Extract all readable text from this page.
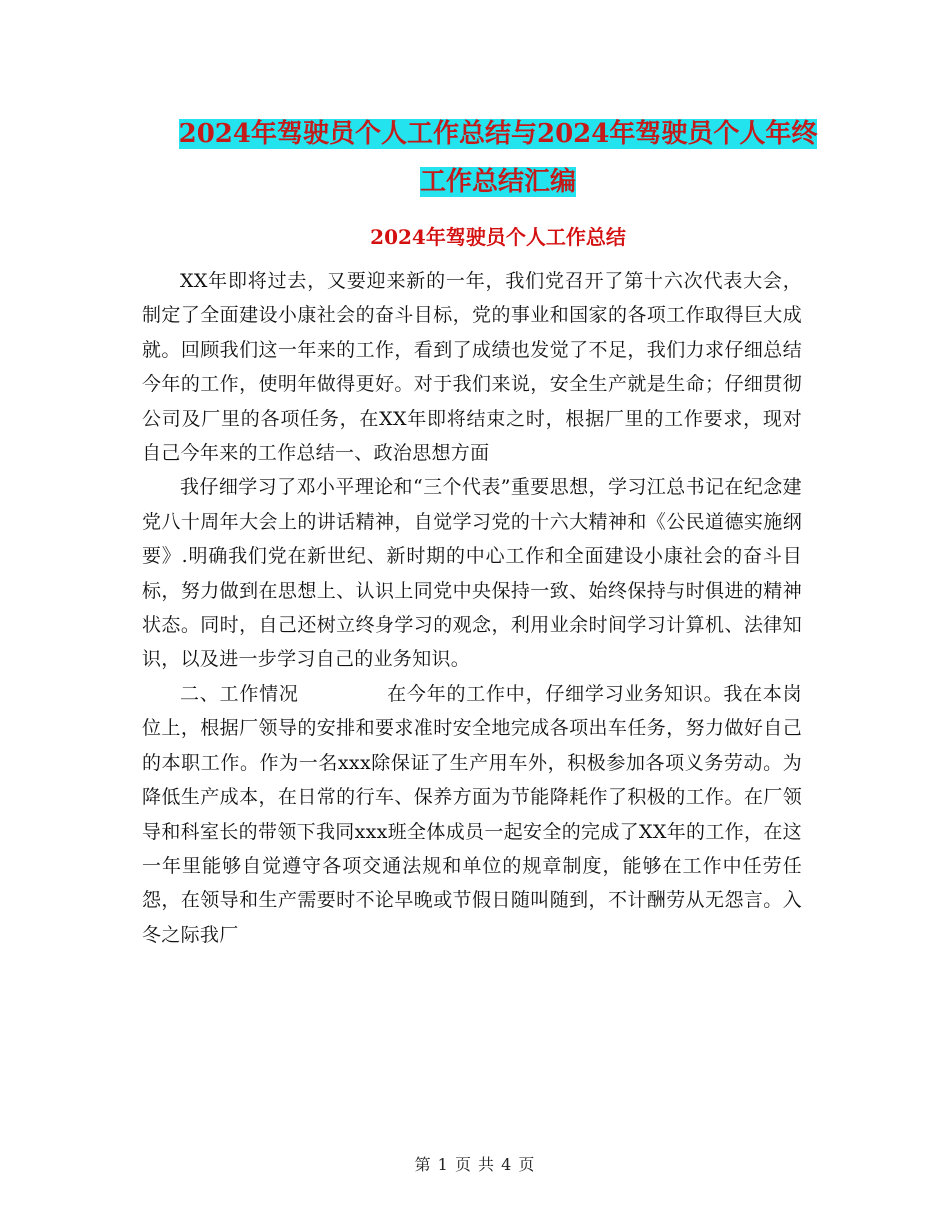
2024年驾驶员个人工作总结与2024年驾驶员个人年终
工作总结汇编
2024年驾驶员个人工作总结

XX年即将过去，又要迎来新的一年，我们党召开了第十六次代表大会，制定了全面建设小康社会的奋斗目标，党的事业和国家的各项工作取得巨大成就。回顾我们这一年来的工作，看到了成绩也发觉了不足，我们力求仔细总结今年的工作，使明年做得更好。对于我们来说，安全生产就是生命；仔细贯彻公司及厂里的各项任务，在XX年即将结束之时，根据厂里的工作要求，现对自己今年来的工作总结一、政治思想方面

我仔细学习了邓小平理论和“三个代表”重要思想，学习江总书记在纪念建党八十周年大会上的讲话精神，自觉学习党的十六大精神和《公民道德实施纲要》.明确我们党在新世纪、新时期的中心工作和全面建设小康社会的奋斗目标，努力做到在思想上、认识上同党中央保持一致、始终保持与时俱进的精神状态。同时，自己还树立终身学习的观念，利用业余时间学习计算机、法律知识，以及进一步学习自己的业务知识。

二、工作情况	在今年的工作中，仔细学习业务知识。我在本岗位上，根据厂领导的安排和要求准时安全地完成各项出车任务，努力做好自己的本职工作。作为一名xxx除保证了生产用车外，积极参加各项义务劳动。为降低生产成本，在日常的行车、保养方面为节能降耗作了积极的工作。在厂领导和科室长的带领下我同xxx班全体成员一起安全的完成了XX年的工作，在这一年里能够自觉遵守各项交通法规和单位的规章制度，能够在工作中任劳任怨，在领导和生产需要时不论早晚或节假日随叫随到，不计酬劳从无怨言。入冬之际我厂

第 1 页 共 4 页
